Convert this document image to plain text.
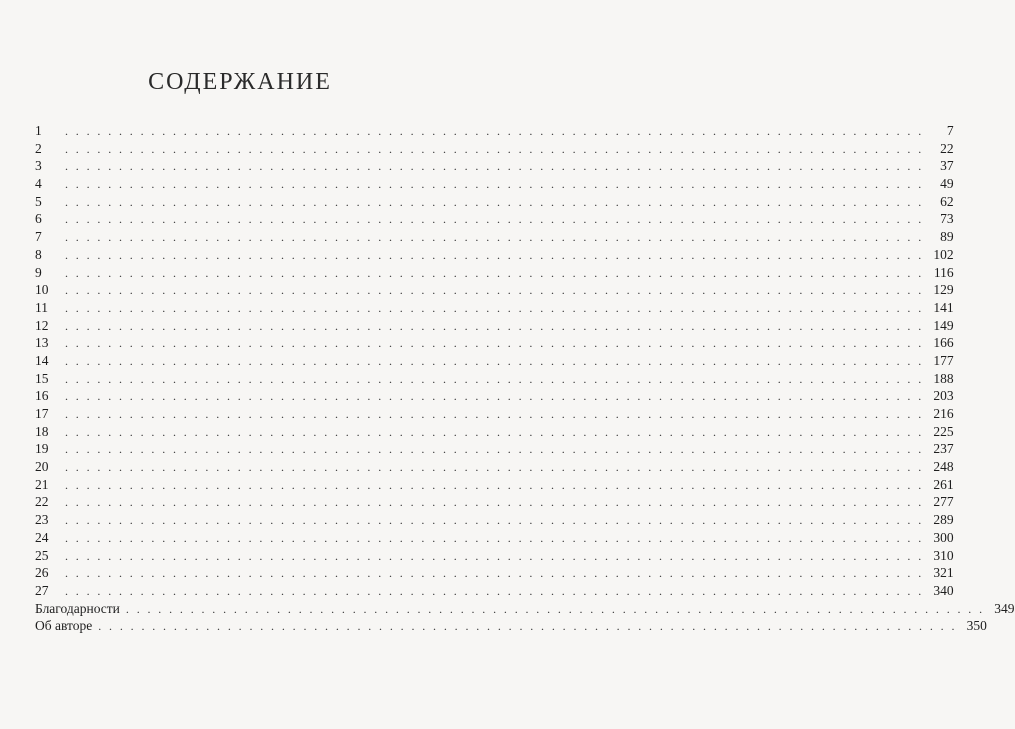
СОДЕРЖАНИЕ
1	. . . . . . . . . . . . . . . . . . . . . . . . . . . . . . . . . . . . . . . . . . . . . . . . . . . . . . . . . . . . . . . . . . . . . . . . . . . . . . . .	7
2	. . . . . . . . . . . . . . . . . . . . . . . . . . . . . . . . . . . . . . . . . . . . . . . . . . . . . . . . . . . . . . . . . . . . . . . . . . . . . . . .	22
3	. . . . . . . . . . . . . . . . . . . . . . . . . . . . . . . . . . . . . . . . . . . . . . . . . . . . . . . . . . . . . . . . . . . . . . . . . . . . . . . .	37
4	. . . . . . . . . . . . . . . . . . . . . . . . . . . . . . . . . . . . . . . . . . . . . . . . . . . . . . . . . . . . . . . . . . . . . . . . . . . . . . . .	49
5	. . . . . . . . . . . . . . . . . . . . . . . . . . . . . . . . . . . . . . . . . . . . . . . . . . . . . . . . . . . . . . . . . . . . . . . . . . . . . . . .	62
6	. . . . . . . . . . . . . . . . . . . . . . . . . . . . . . . . . . . . . . . . . . . . . . . . . . . . . . . . . . . . . . . . . . . . . . . . . . . . . . . .	73
7	. . . . . . . . . . . . . . . . . . . . . . . . . . . . . . . . . . . . . . . . . . . . . . . . . . . . . . . . . . . . . . . . . . . . . . . . . . . . . . . .	89
8	. . . . . . . . . . . . . . . . . . . . . . . . . . . . . . . . . . . . . . . . . . . . . . . . . . . . . . . . . . . . . . . . . . . . . . . . . . . . . . . . 102
9	. . . . . . . . . . . . . . . . . . . . . . . . . . . . . . . . . . . . . . . . . . . . . . . . . . . . . . . . . . . . . . . . . . . . . . . . . . . . . . . . 116
10	. . . . . . . . . . . . . . . . . . . . . . . . . . . . . . . . . . . . . . . . . . . . . . . . . . . . . . . . . . . . . . . . . . . . . . . . . . . . . . . . 129
11	. . . . . . . . . . . . . . . . . . . . . . . . . . . . . . . . . . . . . . . . . . . . . . . . . . . . . . . . . . . . . . . . . . . . . . . . . . . . . . . . 141
12	. . . . . . . . . . . . . . . . . . . . . . . . . . . . . . . . . . . . . . . . . . . . . . . . . . . . . . . . . . . . . . . . . . . . . . . . . . . . . . . . 149
13	. . . . . . . . . . . . . . . . . . . . . . . . . . . . . . . . . . . . . . . . . . . . . . . . . . . . . . . . . . . . . . . . . . . . . . . . . . . . . . . . 166
14	. . . . . . . . . . . . . . . . . . . . . . . . . . . . . . . . . . . . . . . . . . . . . . . . . . . . . . . . . . . . . . . . . . . . . . . . . . . . . . . . 177
15	. . . . . . . . . . . . . . . . . . . . . . . . . . . . . . . . . . . . . . . . . . . . . . . . . . . . . . . . . . . . . . . . . . . . . . . . . . . . . . . . 188
16	. . . . . . . . . . . . . . . . . . . . . . . . . . . . . . . . . . . . . . . . . . . . . . . . . . . . . . . . . . . . . . . . . . . . . . . . . . . . . . . . 203
17	. . . . . . . . . . . . . . . . . . . . . . . . . . . . . . . . . . . . . . . . . . . . . . . . . . . . . . . . . . . . . . . . . . . . . . . . . . . . . . . . 216
18	. . . . . . . . . . . . . . . . . . . . . . . . . . . . . . . . . . . . . . . . . . . . . . . . . . . . . . . . . . . . . . . . . . . . . . . . . . . . . . . . 225
19	. . . . . . . . . . . . . . . . . . . . . . . . . . . . . . . . . . . . . . . . . . . . . . . . . . . . . . . . . . . . . . . . . . . . . . . . . . . . . . . . 237
20	. . . . . . . . . . . . . . . . . . . . . . . . . . . . . . . . . . . . . . . . . . . . . . . . . . . . . . . . . . . . . . . . . . . . . . . . . . . . . . . . 248
21	. . . . . . . . . . . . . . . . . . . . . . . . . . . . . . . . . . . . . . . . . . . . . . . . . . . . . . . . . . . . . . . . . . . . . . . . . . . . . . . . 261
22	. . . . . . . . . . . . . . . . . . . . . . . . . . . . . . . . . . . . . . . . . . . . . . . . . . . . . . . . . . . . . . . . . . . . . . . . . . . . . . . . 277
23	. . . . . . . . . . . . . . . . . . . . . . . . . . . . . . . . . . . . . . . . . . . . . . . . . . . . . . . . . . . . . . . . . . . . . . . . . . . . . . . . 289
24	. . . . . . . . . . . . . . . . . . . . . . . . . . . . . . . . . . . . . . . . . . . . . . . . . . . . . . . . . . . . . . . . . . . . . . . . . . . . . . . . 300
25	. . . . . . . . . . . . . . . . . . . . . . . . . . . . . . . . . . . . . . . . . . . . . . . . . . . . . . . . . . . . . . . . . . . . . . . . . . . . . . . . 310
26	. . . . . . . . . . . . . . . . . . . . . . . . . . . . . . . . . . . . . . . . . . . . . . . . . . . . . . . . . . . . . . . . . . . . . . . . . . . . . . . . 321
27	. . . . . . . . . . . . . . . . . . . . . . . . . . . . . . . . . . . . . . . . . . . . . . . . . . . . . . . . . . . . . . . . . . . . . . . . . . . . . . . . 340
Благодарности . . . . . . . . . . . . . . . . . . . . . . . . . . . . . . . . . . . . . . . . . . . . . . . . . . . . . . . . . . . . . . . . . . . . . . . . . . . . . . . . 349
Об авторе . . . . . . . . . . . . . . . . . . . . . . . . . . . . . . . . . . . . . . . . . . . . . . . . . . . . . . . . . . . . . . . . . . . . . . . . . . . . . . . . 350
